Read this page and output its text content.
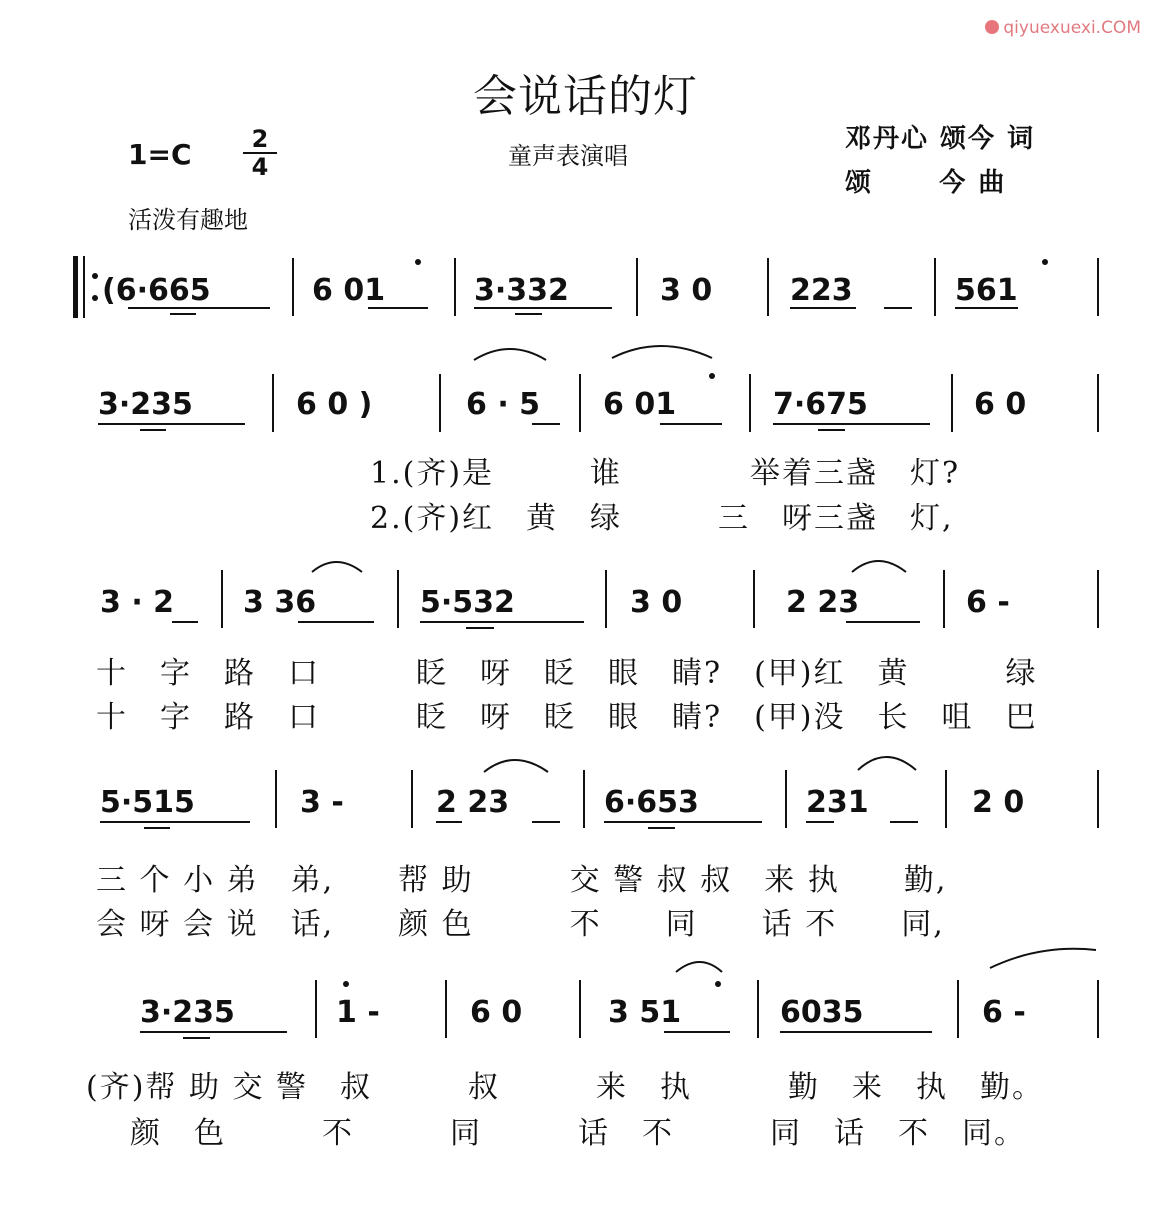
qiyuexuexi.COM
会说话的灯
1=C	2
4	童声表演唱
邓丹心 颂今 词
颂      今 曲
活泼有趣地
(6·665	6 01	3·332	3 0	223	561
3·235	6 0 )	6 · 5 6 01	7·675	6 0
3 · 2 3 36	5·532	3 0	2 23	6 -
5·515	3 -	2 23	6·653	231	2 0
3·235	1 -	6 0	3 51	6035	6 -
1.(齐)是　　　谁　　　　举着三盏　灯?
2.(齐)红　黄　绿　　　三　呀三盏　灯,
十　字　路　口　　　眨　呀　眨　眼　睛?　(甲)红　黄　　　绿
十　字　路　口　　　眨　呀　眨　眼　睛?　(甲)没　长　咀　巴
三 个 小 弟　弟,　　帮 助　　　交 警 叔 叔　来 执　　勤,
会 呀 会 说　话,　　颜 色　　　不　　同　　话 不　　同,
(齐)帮 助 交 警　叔　　　叔　　　来　执　　　勤　来　执　勤。
颜　色　　　不　　　同　　　话　不　　　同　话　不　同。
